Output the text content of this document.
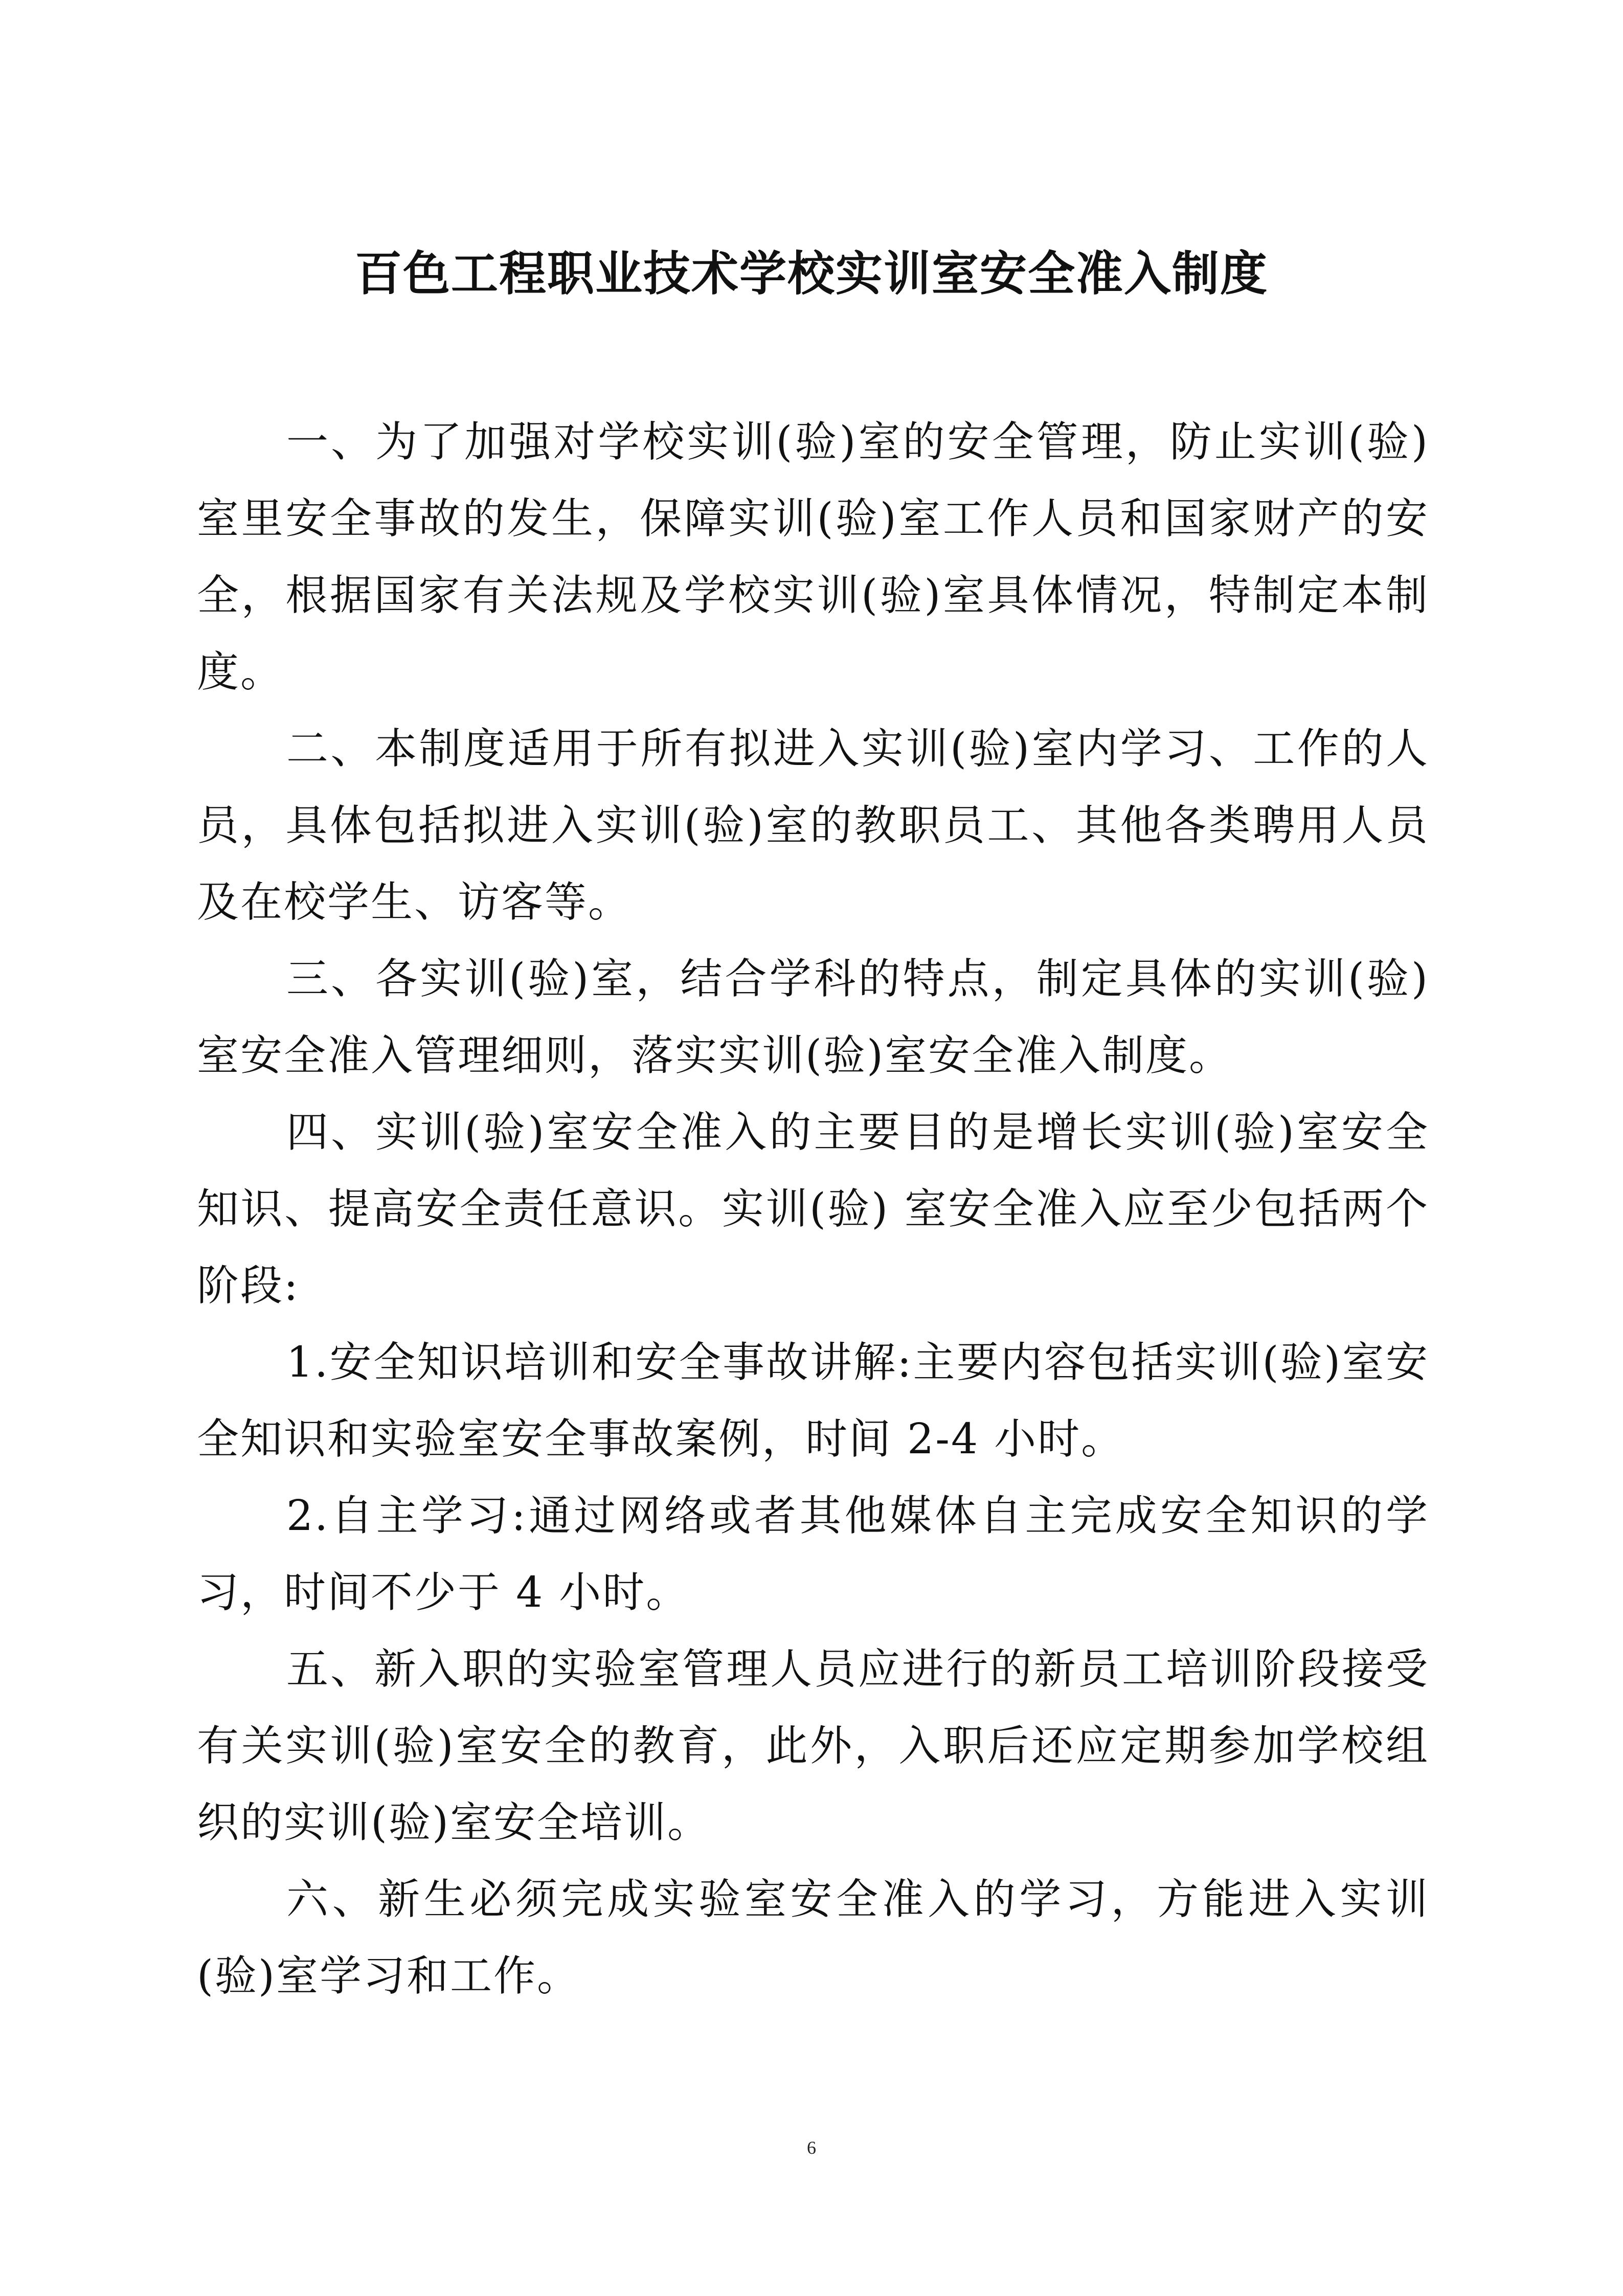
百色工程职业技术学校实训室安全准入制度

一、为了加强对学校实训(验)室的安全管理，防止实训(验)室里安全事故的发生，保障实训(验)室工作人员和国家财产的安全，根据国家有关法规及学校实训(验)室具体情况，特制定本制度。

二、本制度适用于所有拟进入实训(验)室内学习、工作的人员，具体包括拟进入实训(验)室的教职员工、其他各类聘用人员及在校学生、访客等。

三、各实训(验)室，结合学科的特点，制定具体的实训(验)室安全准入管理细则，落实实训(验)室安全准入制度。

四、实训(验)室安全准入的主要目的是增长实训(验)室安全知识、提高安全责任意识。实训(验) 室安全准入应至少包括两个阶段:

1.安全知识培训和安全事故讲解:主要内容包括实训(验)室安全知识和实验室安全事故案例，时间 2-4 小时。

2.自主学习:通过网络或者其他媒体自主完成安全知识的学习，时间不少于 4 小时。

五、新入职的实验室管理人员应进行的新员工培训阶段接受有关实训(验)室安全的教育，此外，入职后还应定期参加学校组织的实训(验)室安全培训。

六、新生必须完成实验室安全准入的学习，方能进入实训(验)室学习和工作。

6
